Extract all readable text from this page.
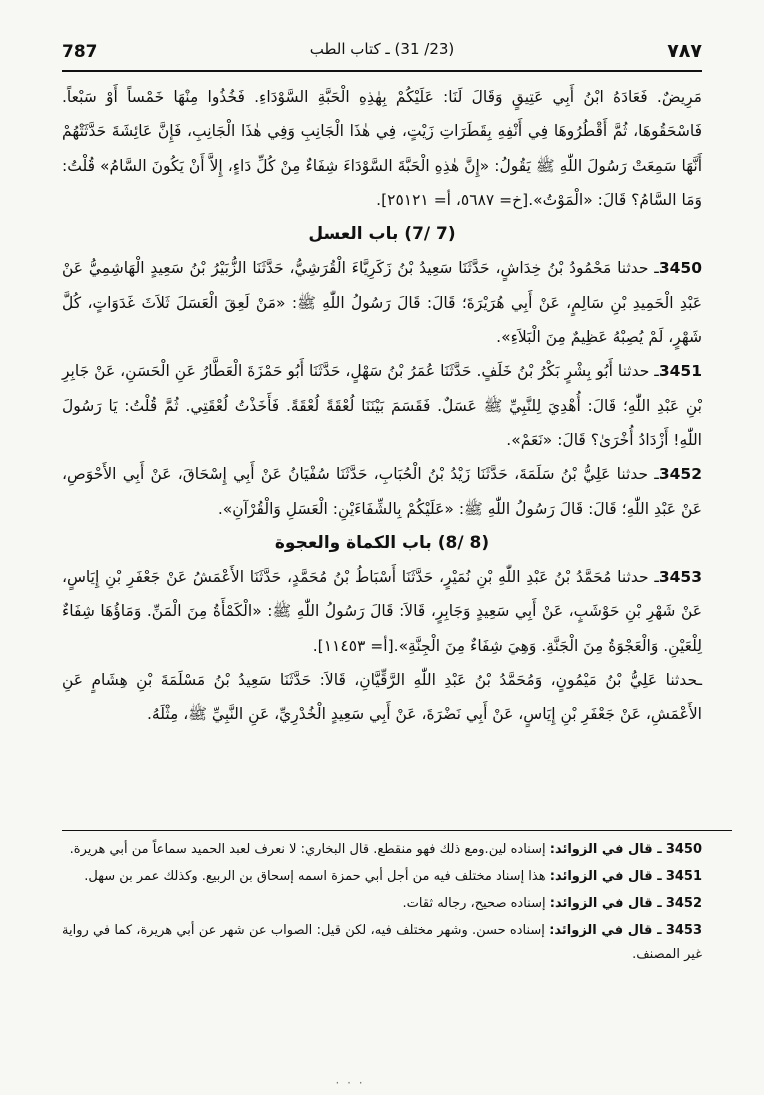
787	(23/ 31) ـ كتاب الطب	٧٨٧

مَرِيضٌ. فَعَادَهُ ابْنُ أَبِي عَتِيقٍ وَقَالَ لَنَا: عَلَيْكُمْ بِهٰذِهِ الْحَبَّةِ السَّوْدَاءِ. فَخُذُوا مِنْهَا خَمْساً أَوْ سَبْعاً. فَاسْحَقُوهَا، ثُمَّ أَقْطُرُوهَا فِي أَنْفِهِ بِقَطَرَاتِ زَيْتٍ، فِي هٰذَا الْجَانِبِ وَفِي هٰذَا الْجَانِبِ، فَإِنَّ عَائِشَةَ حَدَّثَتْهُمْ أَنَّهَا سَمِعَتْ رَسُولَ اللّٰهِ ﷺ يَقُولُ: «إِنَّ هٰذِهِ الْحَبَّةَ السَّوْدَاءَ شِفَاءٌ مِنْ كُلِّ دَاءٍ، إِلاَّ أَنْ يَكُونَ السَّامُ» قُلْتُ: وَمَا السَّامُ؟ قَالَ: «الْمَوْتُ».[خ= ٥٦٨٧، أ= ٢٥١٢١].

(7 /7) باب العسل

3450ـ حدثنا مَحْمُودُ بْنُ خِدَاشٍ، حَدَّثَنَا سَعِيدُ بْنُ زَكَرِيَّاءَ الْقُرَشِيُّ، حَدَّثَنَا الزُّبَيْرُ بْنُ سَعِيدٍ الْهَاشِمِيُّ عَنْ عَبْدِ الْحَمِيدِ بْنِ سَالِمٍ، عَنْ أَبِي هُرَيْرَةَ؛ قَالَ: قَالَ رَسُولُ اللّٰهِ ﷺ: «مَنْ لَعِقَ الْعَسَلَ ثَلاَثَ غَدَوَاتٍ، كُلَّ شَهْرٍ، لَمْ يُصِبْهُ عَظِيمٌ مِنَ الْبَلاَءِ».

3451ـ حدثنا أَبُو بِشْرٍ بَكْرُ بْنُ خَلَفٍ. حَدَّثَنَا عُمَرُ بْنُ سَهْلٍ، حَدَّثَنَا أَبُو حَمْزَةَ الْعَطَّارُ عَنِ الْحَسَنِ، عَنْ جَابِرِ بْنِ عَبْدِ اللّٰهِ؛ قَالَ: أُهْدِيَ لِلنَّبِيِّ ﷺ عَسَلٌ. فَقَسَمَ بَيْنَنَا لُعْقَةً لُعْقَةً. فَأَخَذْتُ لُعْقَتِي. ثُمَّ قُلْتُ: يَا رَسُولَ اللّٰهِ! أَزْدَادُ أُخْرَىٰ؟ قَالَ: «نَعَمْ».

3452ـ حدثنا عَلِيُّ بْنُ سَلَمَةَ، حَدَّثَنَا زَيْدُ بْنُ الْحُبَابِ، حَدَّثَنَا سُفْيَانُ عَنْ أَبِي إِسْحَاقَ، عَنْ أَبِي الأَحْوَصِ، عَنْ عَبْدِ اللّٰهِ؛ قَالَ: قَالَ رَسُولُ اللّٰهِ ﷺ: «عَلَيْكُمْ بِالشِّفَاءَيْنِ: الْعَسَلِ وَالْقُرْآنِ».

(8 /8) باب الكماة والعجوة

3453ـ حدثنا مُحَمَّدُ بْنُ عَبْدِ اللّٰهِ بْنِ نُمَيْرٍ، حَدَّثَنَا أَسْبَاطُ بْنُ مُحَمَّدٍ، حَدَّثَنَا الأَعْمَشُ عَنْ جَعْفَرِ بْنِ إِيَاسٍ، عَنْ شَهْرِ بْنِ حَوْشَبٍ، عَنْ أَبِي سَعِيدٍ وَجَابِرٍ، قَالاَ: قَالَ رَسُولُ اللّٰهِ ﷺ: «الْكَمْأَةُ مِنَ الْمَنِّ. وَمَاؤُهَا شِفَاءٌ لِلْعَيْنِ. وَالْعَجْوَةُ مِنَ الْجَنَّةِ. وَهِيَ شِفَاءٌ مِنَ الْجِنَّةِ».[أ= ١١٤٥٣].

ـحدثنا عَلِيُّ بْنُ مَيْمُونٍ، وَمُحَمَّدُ بْنُ عَبْدِ اللّٰهِ الرَّقِّيَّانِ، قَالاَ: حَدَّثَنَا سَعِيدُ بْنُ مَسْلَمَةَ بْنِ هِشَامٍ عَنِ الأَعْمَشِ، عَنْ جَعْفَرِ بْنِ إِيَاسٍ، عَنْ أَبِي نَضْرَةَ، عَنْ أَبِي سَعِيدٍ الْخُدْرِيِّ، عَنِ النَّبِيِّ ﷺ، مِثْلَهُ.

3450 ـ قال في الزوائد: إسناده لين.ومع ذلك فهو منقطع. قال البخاري: لا نعرف لعبد الحميد سماعاً من أبي هريرة.

3451 ـ قال في الزوائد: هذا إسناد مختلف فيه من أجل أبي حمزة اسمه إسحاق بن الربيع. وكذلك عمر بن سهل.

3452 ـ قال في الزوائد: إسناده صحيح، رجاله ثقات.

3453 ـ قال في الزوائد: إسناده حسن. وشهر مختلف فيه، لكن قيل: الصواب عن شهر عن أبي هريرة، كما في رواية غير المصنف.

· · ·
